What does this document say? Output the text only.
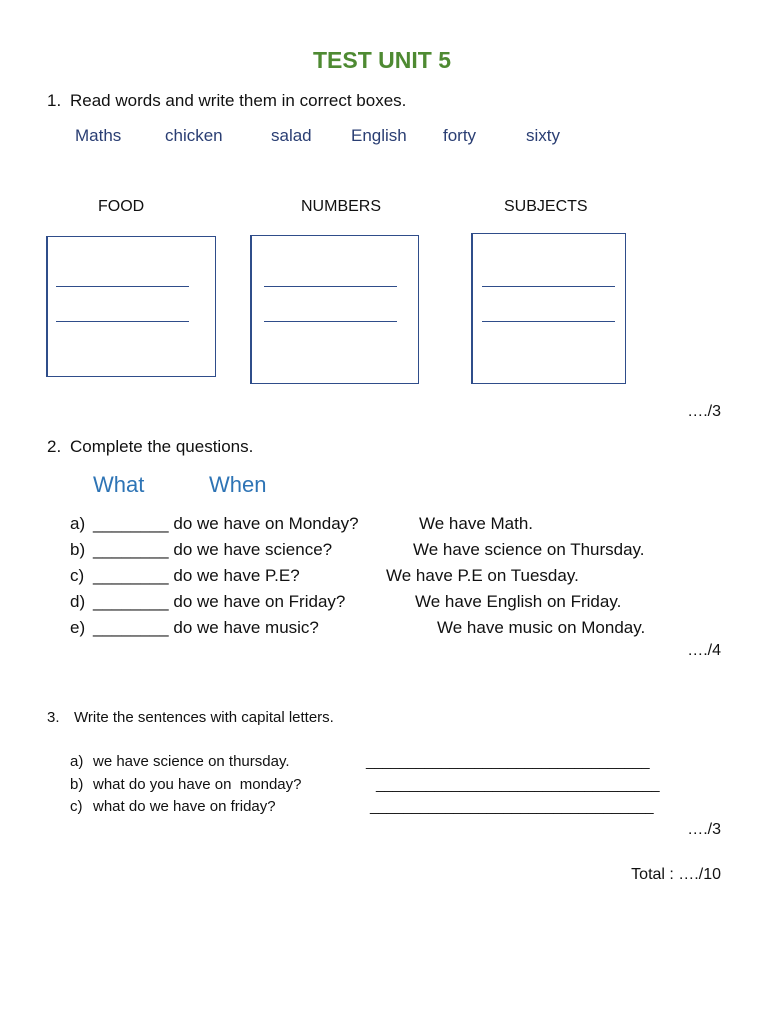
TEST UNIT 5
1. Read words and write them in correct boxes.
Maths	chicken	salad English forty	sixty
FOOD	NUMBERS	SUBJECTS
…./3
2. Complete the questions.
What	When
a) ________ do we have on Monday?	We have Math.
b) ________ do we have science?	We have science on Thursday.
c) ________ do we have P.E?	We have P.E on Tuesday.
d) ________ do we have on Friday?	We have English on Friday.
e) ________ do we have music?	We have music on Monday.
…./4
3. Write the sentences with capital letters.
a) we have science on thursday.	__________________________________
b) what do you have on  monday?	__________________________________
c) what do we have on friday?	__________________________________
…./3
Total : …./10
